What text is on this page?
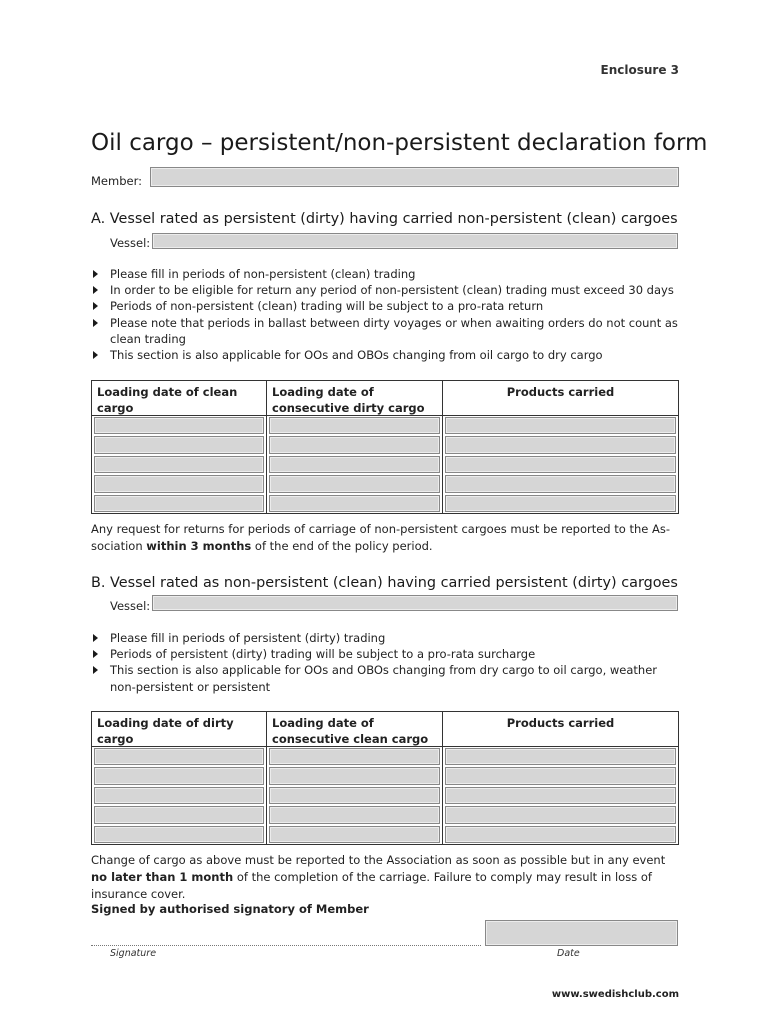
Enclosure 3
Oil cargo – persistent/non-persistent declaration form
Member:
A. Vessel rated as persistent (dirty) having carried non-persistent (clean) cargoes
Vessel:
Please fill in periods of non-persistent (clean) trading
In order to be eligible for return any period of non-persistent (clean) trading must exceed 30 days
Periods of non-persistent (clean) trading will be subject to a pro-rata return
Please note that periods in ballast between dirty voyages or when awaiting orders do not count as clean trading
This section is also applicable for OOs and OBOs changing from oil cargo to dry cargo
Loading date of clean cargo
Loading date of consecutive dirty cargo
Products carried
Any request for returns for periods of carriage of non-persistent cargoes must be reported to the As-sociation within 3 months of the end of the policy period.
B. Vessel rated as non-persistent (clean) having carried persistent (dirty) cargoes
Vessel:
Please fill in periods of persistent (dirty) trading
Periods of persistent (dirty) trading will be subject to a pro-rata surcharge
This section is also applicable for OOs and OBOs changing from dry cargo to oil cargo, weather non-persistent or persistent
Loading date of dirty cargo
Loading date of consecutive clean cargo
Products carried
Change of cargo as above must be reported to the Association as soon as possible but in any event no later than 1 month of the completion of the carriage. Failure to comply may result in loss of insurance cover.
Signed by authorised signatory of Member
Signature	Date
www.swedishclub.com
